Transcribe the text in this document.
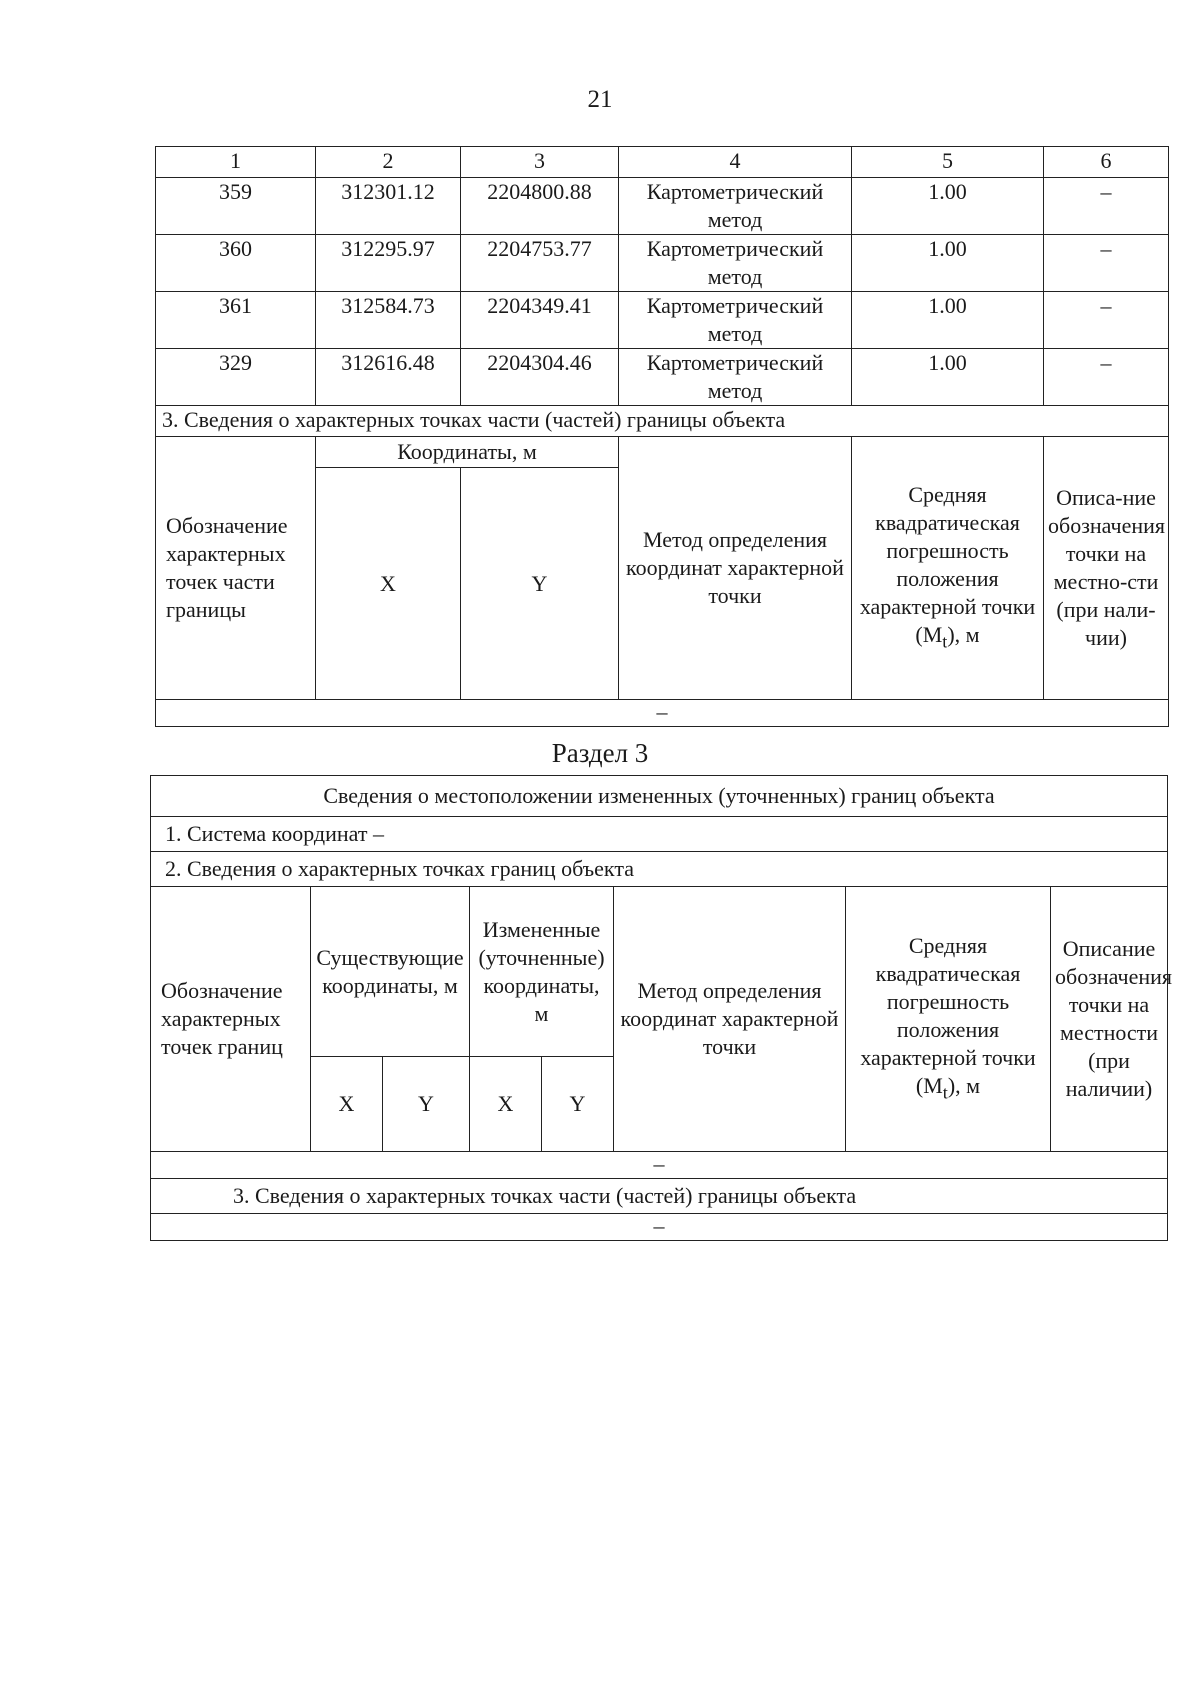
21
1	2	3	4	5	6
359	312301.12	2204800.88	Картометрический метод	1.00	–
360	312295.97	2204753.77	Картометрический метод	1.00	–
361	312584.73	2204349.41	Картометрический метод	1.00	–
329	312616.48	2204304.46	Картометрический метод	1.00	–
3. Сведения о характерных точках части (частей) границы объекта					
Обозначение характерных точек части границы	Координаты, м		Метод определения координат характерной точки	Средняя квадратическая погрешность положения характерной точки $(M_t)$, м	Описа-ние обозначения точки на местно-сти (при нали-чии)
	X	Y			
–					
Раздел 3
Сведения о местоположении измененных (уточненных) границ объекта							
1. Система координат –							
2. Сведения о характерных точках границ объекта							
Обозначение характерных точек границ	Существующие координаты, м		Измененные (уточненные) координаты, м		Метод определения координат характерной точки	Средняя квадратическая погрешность положения характерной точки $(M_t)$, м	Описание обозначения точки на местности (при наличии)
	X	Y	X	Y			
–							
3. Сведения о характерных точках части (частей) границы объекта							
–							
